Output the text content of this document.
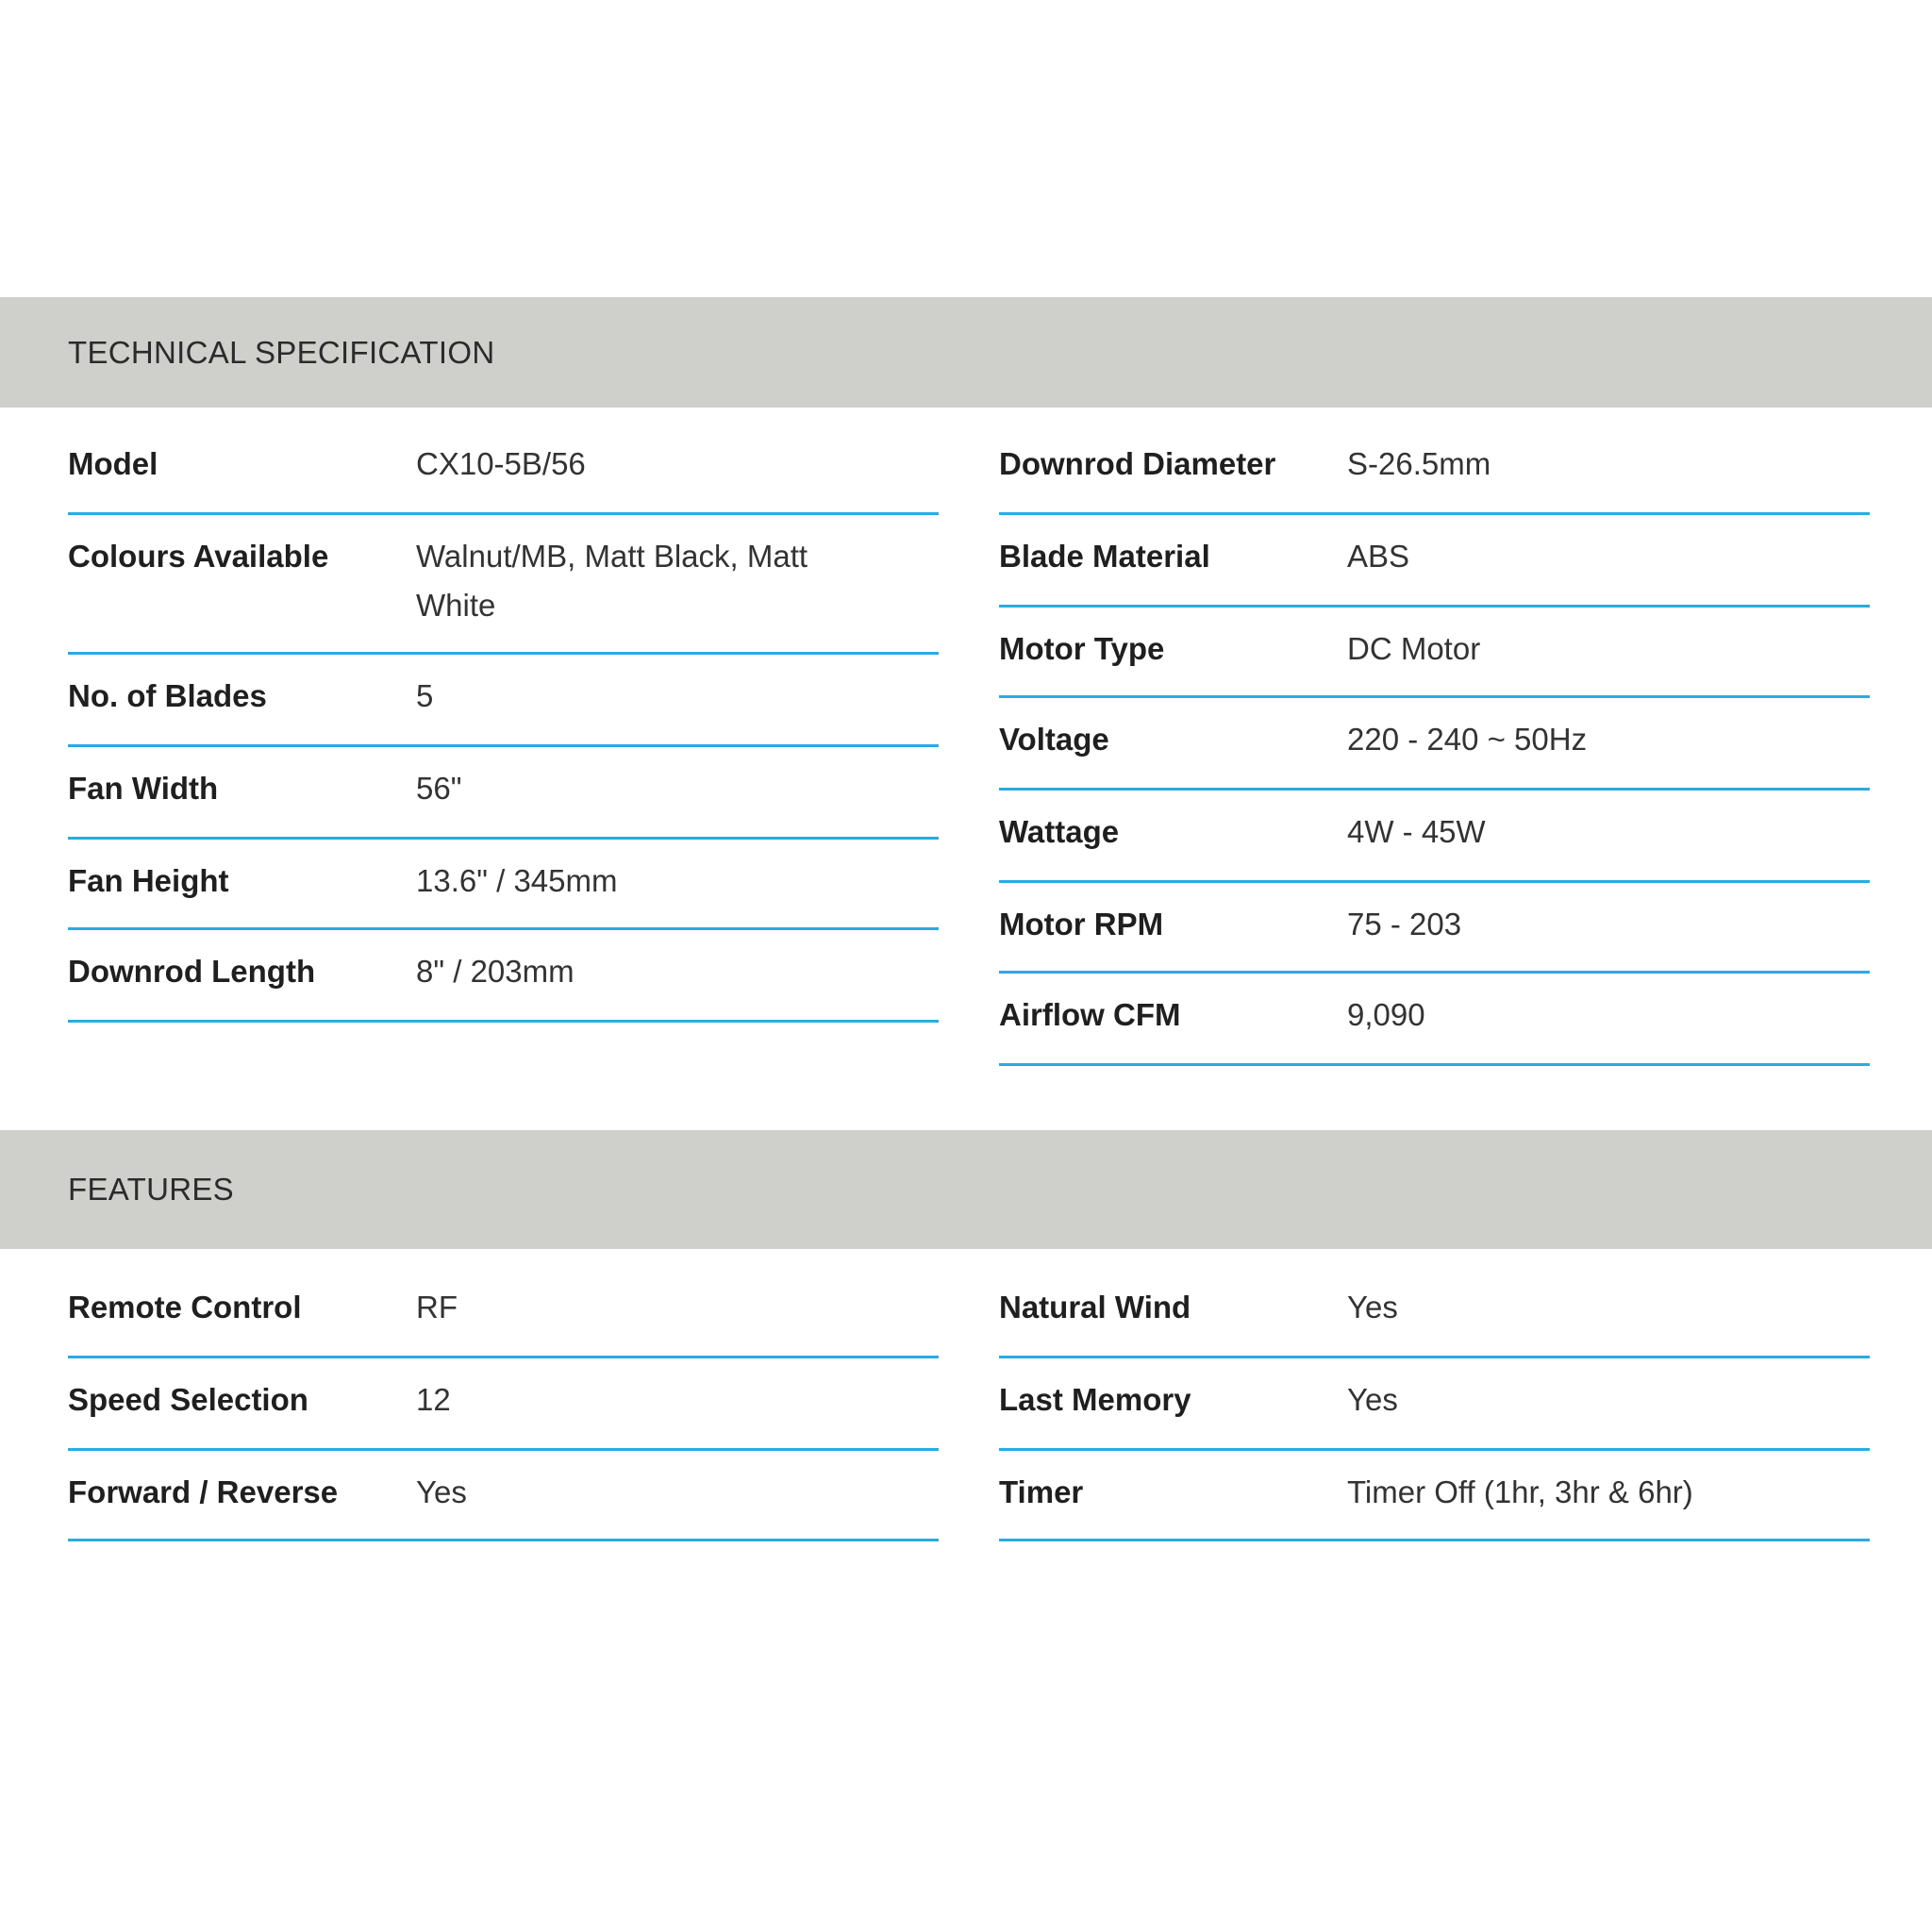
TECHNICAL SPECIFICATION
Model	CX10-5B/56
Colours Available	Walnut/MB, Matt Black, Matt White
No. of Blades	5
Fan Width	56"
Fan Height	13.6" / 345mm
Downrod Length	8" / 203mm
Downrod Diameter	S-26.5mm
Blade Material	ABS
Motor Type	DC Motor
Voltage	220 - 240 ~ 50Hz
Wattage	4W - 45W
Motor RPM	75 - 203
Airflow CFM	9,090
FEATURES
Remote Control	RF
Speed Selection	12
Forward / Reverse	Yes
Natural Wind	Yes
Last Memory	Yes
Timer	Timer Off (1hr, 3hr & 6hr)
